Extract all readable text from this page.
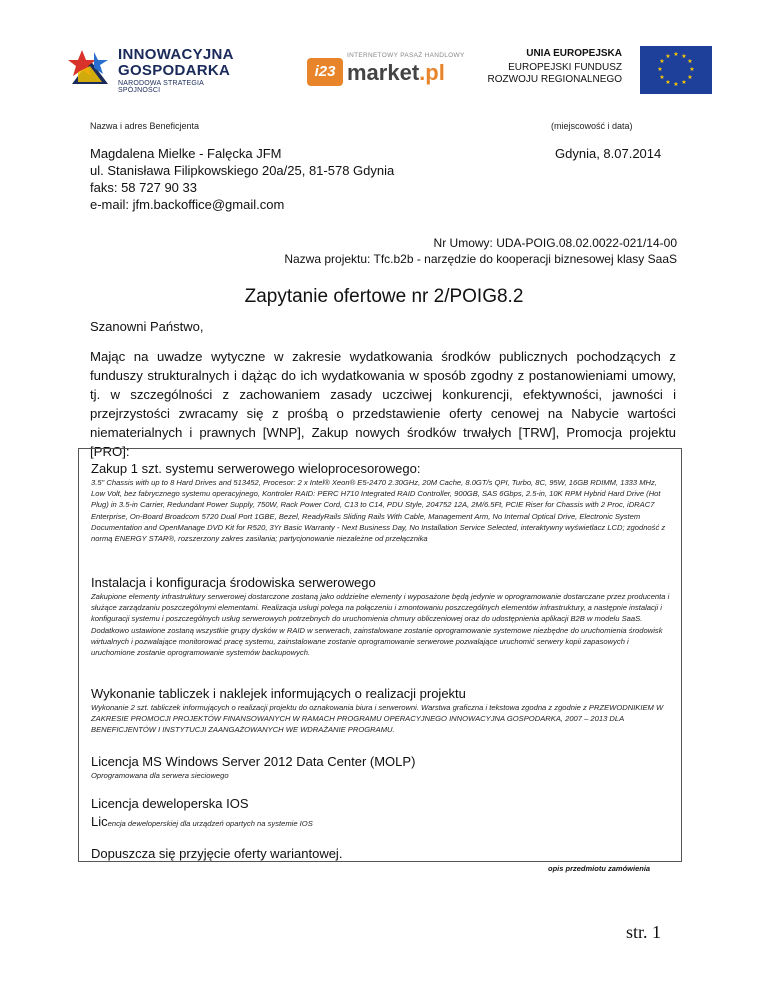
INNOWACYJNA
GOSPODARKA
NARODOWA STRATEGIA SPÓJNOŚCI
i23
INTERNETOWY PASAŻ HANDLOWY
market.pl
UNIA EUROPEJSKA
EUROPEJSKI FUNDUSZ
ROZWOJU REGIONALNEGO
★ ★
★
★
★
★
★
★
★
★
★
★
Nazwa i adres Beneficjenta	(miejscowość i data)
Magdalena Mielke - Falęcka JFM
ul. Stanisława Filipkowskiego 20a/25, 81-578 Gdynia
faks: 58 727 90 33
e-mail: jfm.backoffice@gmail.com
Gdynia, 8.07.2014
Nr Umowy: UDA-POIG.08.02.0022-021/14-00
Nazwa projektu: Tfc.b2b - narzędzie do kooperacji biznesowej klasy SaaS
Zapytanie ofertowe nr 2/POIG8.2
Szanowni Państwo,
Mając na uwadze wytyczne w zakresie wydatkowania środków publicznych pochodzących z funduszy strukturalnych i dążąc do ich wydatkowania w sposób zgodny z postanowieniami umowy, tj. w szczególności z zachowaniem zasady uczciwej konkurencji, efektywności, jawności i przejrzystości zwracamy się z prośbą o przedstawienie oferty cenowej na Nabycie wartości niematerialnych i prawnych [WNP], Zakup nowych środków trwałych [TRW], Promocja projektu [PRO]:
Zakup 1 szt. systemu serwerowego wieloprocesorowego:
3.5" Chassis with up to 8 Hard Drives and 513452, Procesor: 2 x Intel® Xeon® E5-2470 2.30GHz, 20M Cache, 8.0GT/s QPI, Turbo, 8C, 95W, 16GB RDIMM, 1333 MHz, Low Volt, bez fabrycznego systemu operacyjnego, Kontroler RAID: PERC H710 Integrated RAID Controller, 900GB, SAS 6Gbps, 2.5-in, 10K RPM Hybrid Hard Drive (Hot Plug) in 3.5-in Carrier, Redundant Power Supply, 750W, Rack Power Cord, C13 to C14, PDU Style, 204752 12A, 2M/6.5Ft, PCIE Riser for Chassis with 2 Proc, iDRAC7 Enterprise, On-Board Broadcom 5720 Dual Port 1GBE, Bezel, ReadyRails Sliding Rails With Cable, Management Arm, No Internal Optical Drive, Electronic System Documentation and OpenManage DVD Kit for R520, 3Yr Basic Warranty - Next Business Day, No Installation Service Selected, interaktywny wyświetlacz LCD; zgodność z normą ENERGY STAR®, rozszerzony zakres zasilania; partycjonowanie niezależne od przełącznika
Instalacja i konfiguracja środowiska serwerowego
Zakupione elementy infrastruktury serwerowej dostarczone zostaną jako oddzielne elementy i wyposażone będą jedynie w oprogramowanie dostarczane przez producenta i służące zarządzaniu poszczególnymi elementami. Realizacja usługi polega na połączeniu i zmontowaniu poszczególnych elementów infrastruktury, a następnie instalacji i konfiguracji systemu i poszczególnych usług serwerowych potrzebnych do uruchomienia chmury obliczeniowej oraz do udostępnienia aplikacji B2B w modelu SaaS. Dodatkowo ustawione zostaną wszystkie grupy dysków w RAID w serwerach, zainstalowane zostanie oprogramowanie systemowe niezbędne do uruchomienia środowisk wirtualnych i pozwalające monitorować pracę systemu, zainstalowane zostanie oprogramowanie serwerowe pozwalające uruchomić serwery kopii zapasowych i uruchomione zostanie oprogramowanie systemów backupowych.
Wykonanie tabliczek i naklejek informujących o realizacji projektu
Wykonanie 2 szt. tabliczek informujących o realizacji projektu do oznakowania biura i serwerowni. Warstwa graficzna i tekstowa zgodna z zgodnie z PRZEWODNIKIEM W ZAKRESIE PROMOCJI PROJEKTÓW FINANSOWANYCH W RAMACH PROGRAMU OPERACYJNEGO INNOWACYJNA GOSPODARKA, 2007 – 2013 DLA BENEFICJENTÓW I INSTYTUCJI ZAANGAŻOWANYCH WE WDRAŻANIE PROGRAMU.
Licencja MS Windows Server 2012 Data Center (MOLP)
Oprogramowana dla serwera sieciowego
Licencja deweloperska IOS
Licencja deweloperskiej dla urządzeń opartych na systemie IOS
Dopuszcza się przyjęcie oferty wariantowej.
opis przedmiotu zamówienia
str. 1
